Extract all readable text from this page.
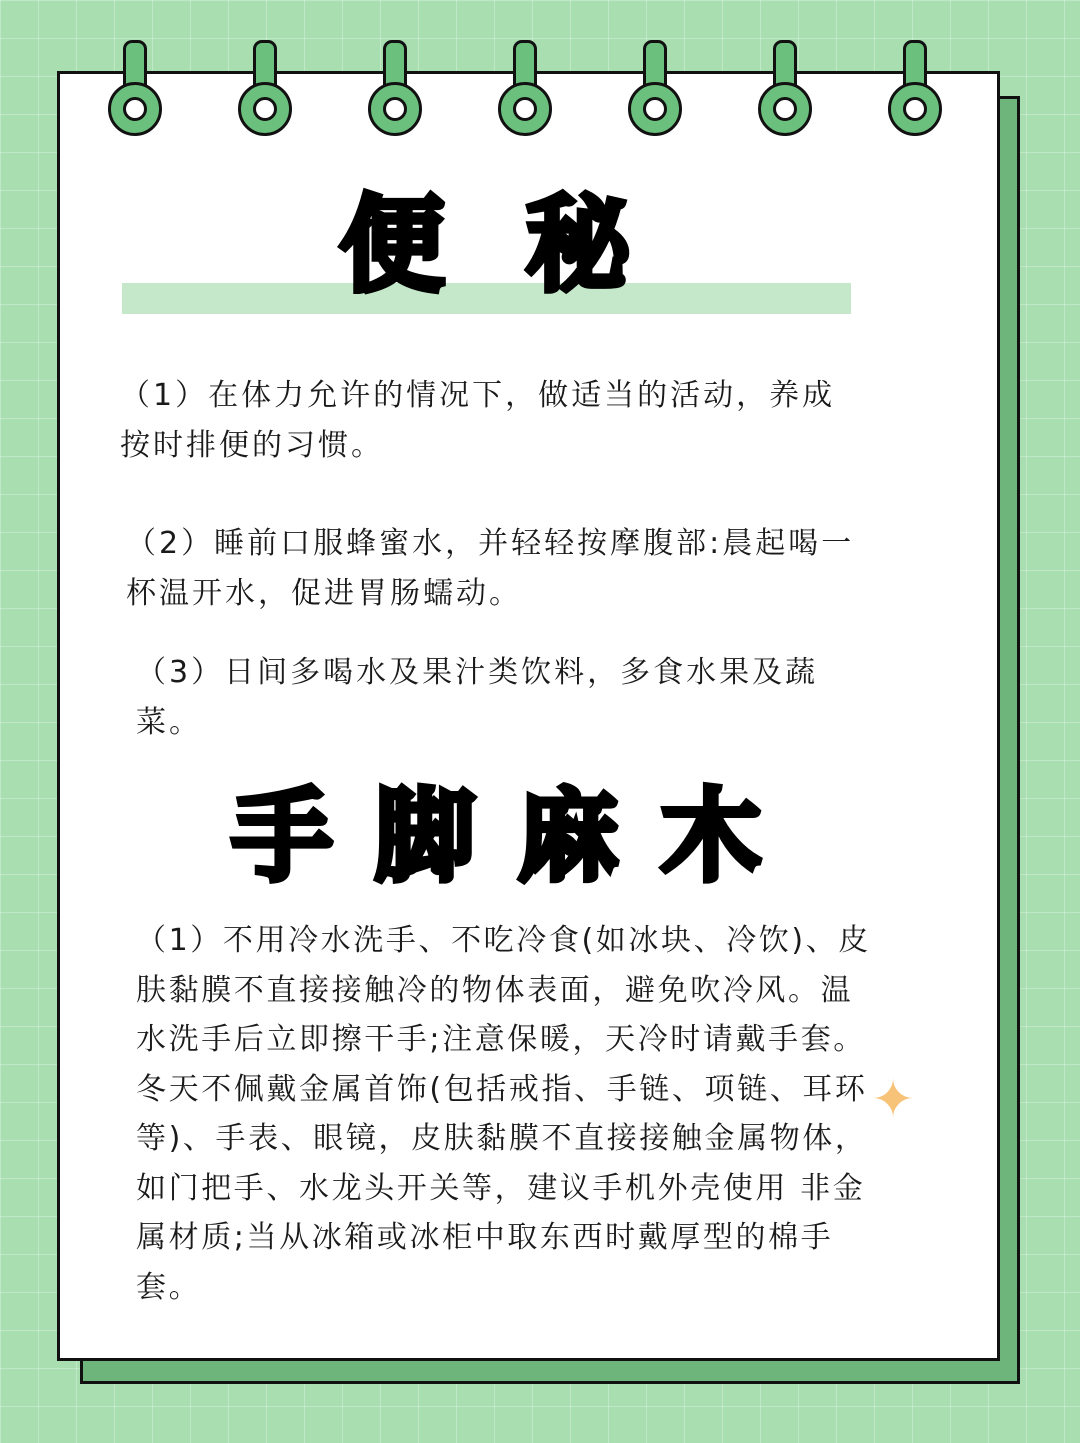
便秘
（1）在体力允许的情况下，做适当的活动，养成
按时排便的习惯。
（2）睡前口服蜂蜜水，并轻轻按摩腹部:晨起喝一
杯温开水，促进胃肠蠕动。
（3）日间多喝水及果汁类饮料，多食水果及蔬
菜。
手脚麻木
（1）不用冷水洗手、不吃冷食(如冰块、冷饮)、皮
肤黏膜不直接接触冷的物体表面，避免吹冷风。温
水洗手后立即擦干手;注意保暖，天冷时请戴手套。
冬天不佩戴金属首饰(包括戒指、手链、项链、耳环
等)、手表、眼镜，皮肤黏膜不直接接触金属物体，
如门把手、水龙头开关等，建议手机外壳使用 非金
属材质;当从冰箱或冰柜中取东西时戴厚型的棉手
套。
✦
